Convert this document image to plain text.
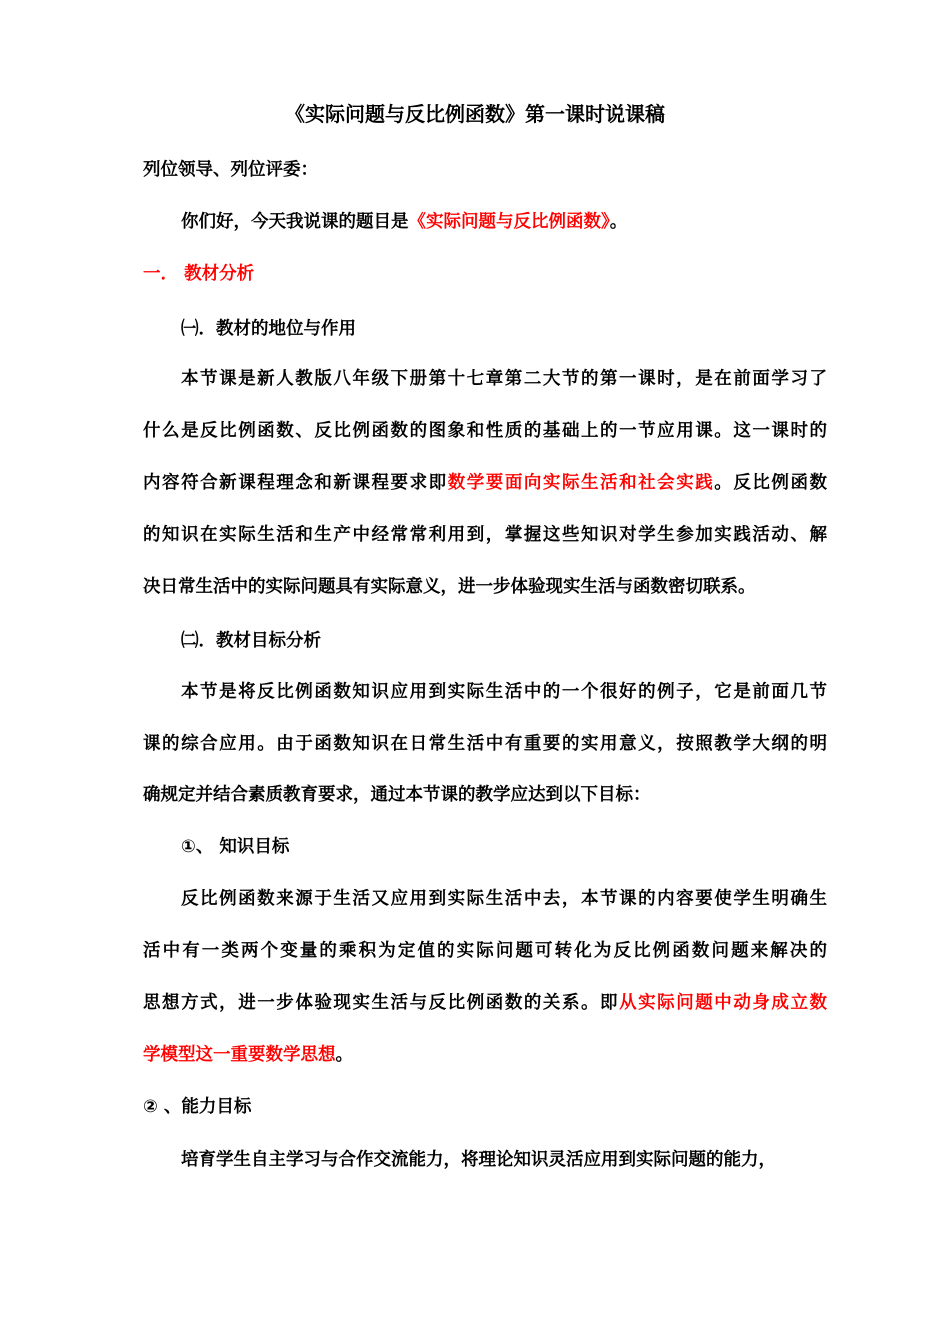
《实际问题与反比例函数》第一课时说课稿
列位领导、列位评委：
你们好，今天我说课的题目是《实际问题与反比例函数》。
一． 教材分析
㈠．教材的地位与作用
本节课是新人教版八年级下册第十七章第二大节的第一课时，是在前面学习了
什么是反比例函数、反比例函数的图象和性质的基础上的一节应用课。这一课时的
内容符合新课程理念和新课程要求即数学要面向实际生活和社会实践。反比例函数
的知识在实际生活和生产中经常常利用到，掌握这些知识对学生参加实践活动、解
决日常生活中的实际问题具有实际意义，进一步体验现实生活与函数密切联系。
㈡．教材目标分析
本节是将反比例函数知识应用到实际生活中的一个很好的例子，它是前面几节
课的综合应用。由于函数知识在日常生活中有重要的实用意义，按照教学大纲的明
确规定并结合素质教育要求，通过本节课的教学应达到以下目标：
①、 知识目标
反比例函数来源于生活又应用到实际生活中去，本节课的内容要使学生明确生
活中有一类两个变量的乘积为定值的实际问题可转化为反比例函数问题来解决的
思想方式，进一步体验现实生活与反比例函数的关系。即从实际问题中动身成立数
学模型这一重要数学思想。
② 、能力目标
培育学生自主学习与合作交流能力，将理论知识灵活应用到实际问题的能力，
